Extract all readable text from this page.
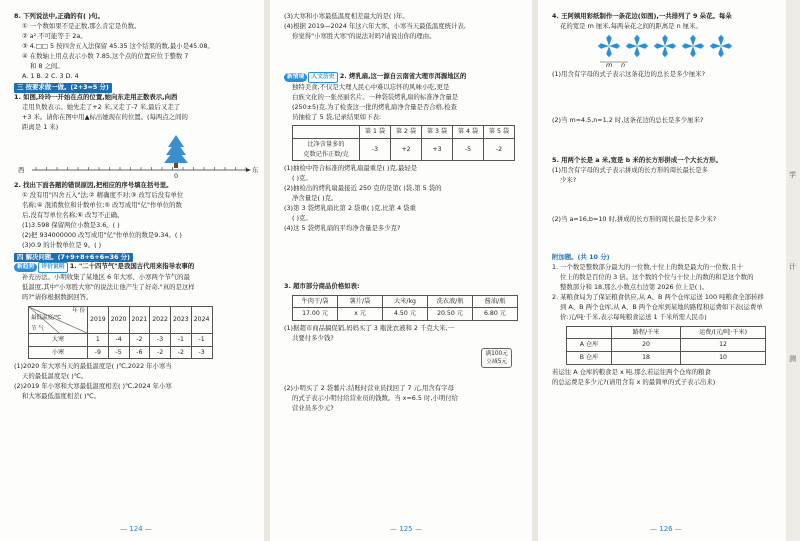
8. 下列说法中,正确的有( )句。

① 一个数如果不是正数,那么肯定是负数。

② a² 不可能等于 2a。

③ 4.□□ 5 按四舍五入法保留 45.35 这个结果的数,最小是45.08。

④ 在数轴上用点表示小数 7.85,这个点的位置应位于整数 7

和 8 之间。

A. 1 B. 2 C. 3 D. 4

三 按要求做一做。(2+3=5 分)

1. 如图,玲玲一开始在点的位置,她向东走用正数表示,向西

走用负数表示。她先走了+2 米,又走了-7 米,最后又走了

+3 米。请你在图中用▲标出她现在的位置。(每两点之间的

距离是 1 米)

西	东
0

2. 找出下面各题的错误原因,把相应的序号填在括号里。

① 没有用"四舍五入"法;② 精确度不对;③ 改写后没有单位

名称;④ 混淆数位和计数单位;⑤ 改写成用"亿"作单位的数

后,没有写单位名称;⑥ 改写不正确。

(1)3.598 保留两位小数是3.6。( )

(2)把 934000000 改写成用"亿"作单位的数是9.34。( )

(3)0.9 的计数单位是 9。( )

四 解决问题。(7+9+8+6+6=36 分)

新趋势 评价说明 1. "二十四节气"是我国古代用来指导农事的

补充历法。小明收集了某地区 6 年大寒、小寒两个节气的最

低温度,其中"小寒胜大寒"的说法让他产生了好奇,"真的是这样

吗?"请你根据数据回答。

年 份
最低温度/℃
节 气	2019	2020	2021	2022	2023	2024
大寒	1	-4	-2	-3	-1	-1
小寒	-9	-5	-6	-2	-2	-3

(1)2020 年大寒当天的最低温度是( )℃,2022 年小寒当

天的最低温度是( )℃。

(2)2019 年小寒和大寒最低温度相差( )℃,2024 年小寒

和大寒最低温度相差( )℃。

— 124 —

(3)大寒和小寒最低温度相差最大的是( )年。

(4)根据 2019—2024 年这六年大寒、小寒当天最低温度统计表,

你觉得"小寒胜大寒"的说法对吗?请说出你的理由。

新情境 人文历史 2. 烤乳扇,这一源自云南省大理市洱源地区的

独特美食,不仅是大理人民心中难以忘怀的风味小吃,更是

白族文化的一张亮丽名片。一种袋装烤乳扇的标准净含量是

(250±5)克,为了检查这一批的烤乳扇净含量是否合格,检查

员抽检了 5 袋,记录结果如下表:

	第 1 袋	第 2 袋	第 3 袋	第 4 袋	第 5 袋
比净含量多的
克数记作正数/克	-3	+2	+3	-5	-2

(1)抽检中符合标准的烤乳扇最重是( )克,最轻是

( )克。

(2)抽检出的烤乳扇最接近 250 克的是第( )袋,第 5 袋的

净含量是( )克。

(3)第 3 袋烤乳扇比第 2 袋重( )克,比第 4 袋重

( )克。

(4)这 5 袋烤乳扇的平均净含量是多少克?

3. 超市部分商品价格如表:

牛肉干/袋	薯片/袋	大米/kg	洗衣液/瓶	酱油/瓶
17.00 元	x 元	4.50 元	20.50 元	6.80 元

(1)据超市商品搞促销,妈妈买了 3 瓶洗衣液和 2 千克大米,一

共要付多少钱?

满100元
立减5元

(2)小明买了 2 袋薯片,结账时营业员找回了 7 元,用含有字母

的式子表示小明付给营业员的钱数。当 x=6.5 时,小明付给

营业员多少元?

— 125 —

4. 王阿姨用彩纸制作一条花边(如图),一共排列了 9 朵花。每朵

花的宽是 m 厘米,每两朵花之间的距离是 n 厘米。

m n

(1)用含有字母的式子表示这条花边的总长是多少厘米?

(2)当 m=4.5,n=1.2 时,这条花边的总长是多少厘米?

5. 用两个长是 a 米,宽是 b 米的长方形拼成一个大长方形。

(1)用含有字母的式子表示拼成的长方形的周长最长是多

少米?

(2)当 a=16,b=10 时,拼成的长方形的周长最长是多少米?

附加题。(共 10 分)

1. 一个数是整数部分最大的一位数,十位上的数是最大的一位数,且十

位上的数是百位的 3 倍。这个数的个位与十位上的数的和是这个数的

整数部分和 18,那么小数点右边第 2026 位上是( )。

2. 某粮食局为了保证粮食供应,从 A、B 两个仓库运送 100 吨粮食全部转移

到 A、B 两个仓库,从 A、B 两个仓库到某地的路程和运费如下表(运费单

价:元/吨·千米,表示每吨粮食运送 1 千米所需人民币)

	路程/千米	运费/(元/吨·千米)
A 仓库	20	12
B 仓库	18	10

若运往 A 仓库的粮食是 x 吨,那么若运往两个仓库的粮食

的总运费是多少元?(请用含有 x 的最简单的式子表示出来)

— 126 —
学
计
测
